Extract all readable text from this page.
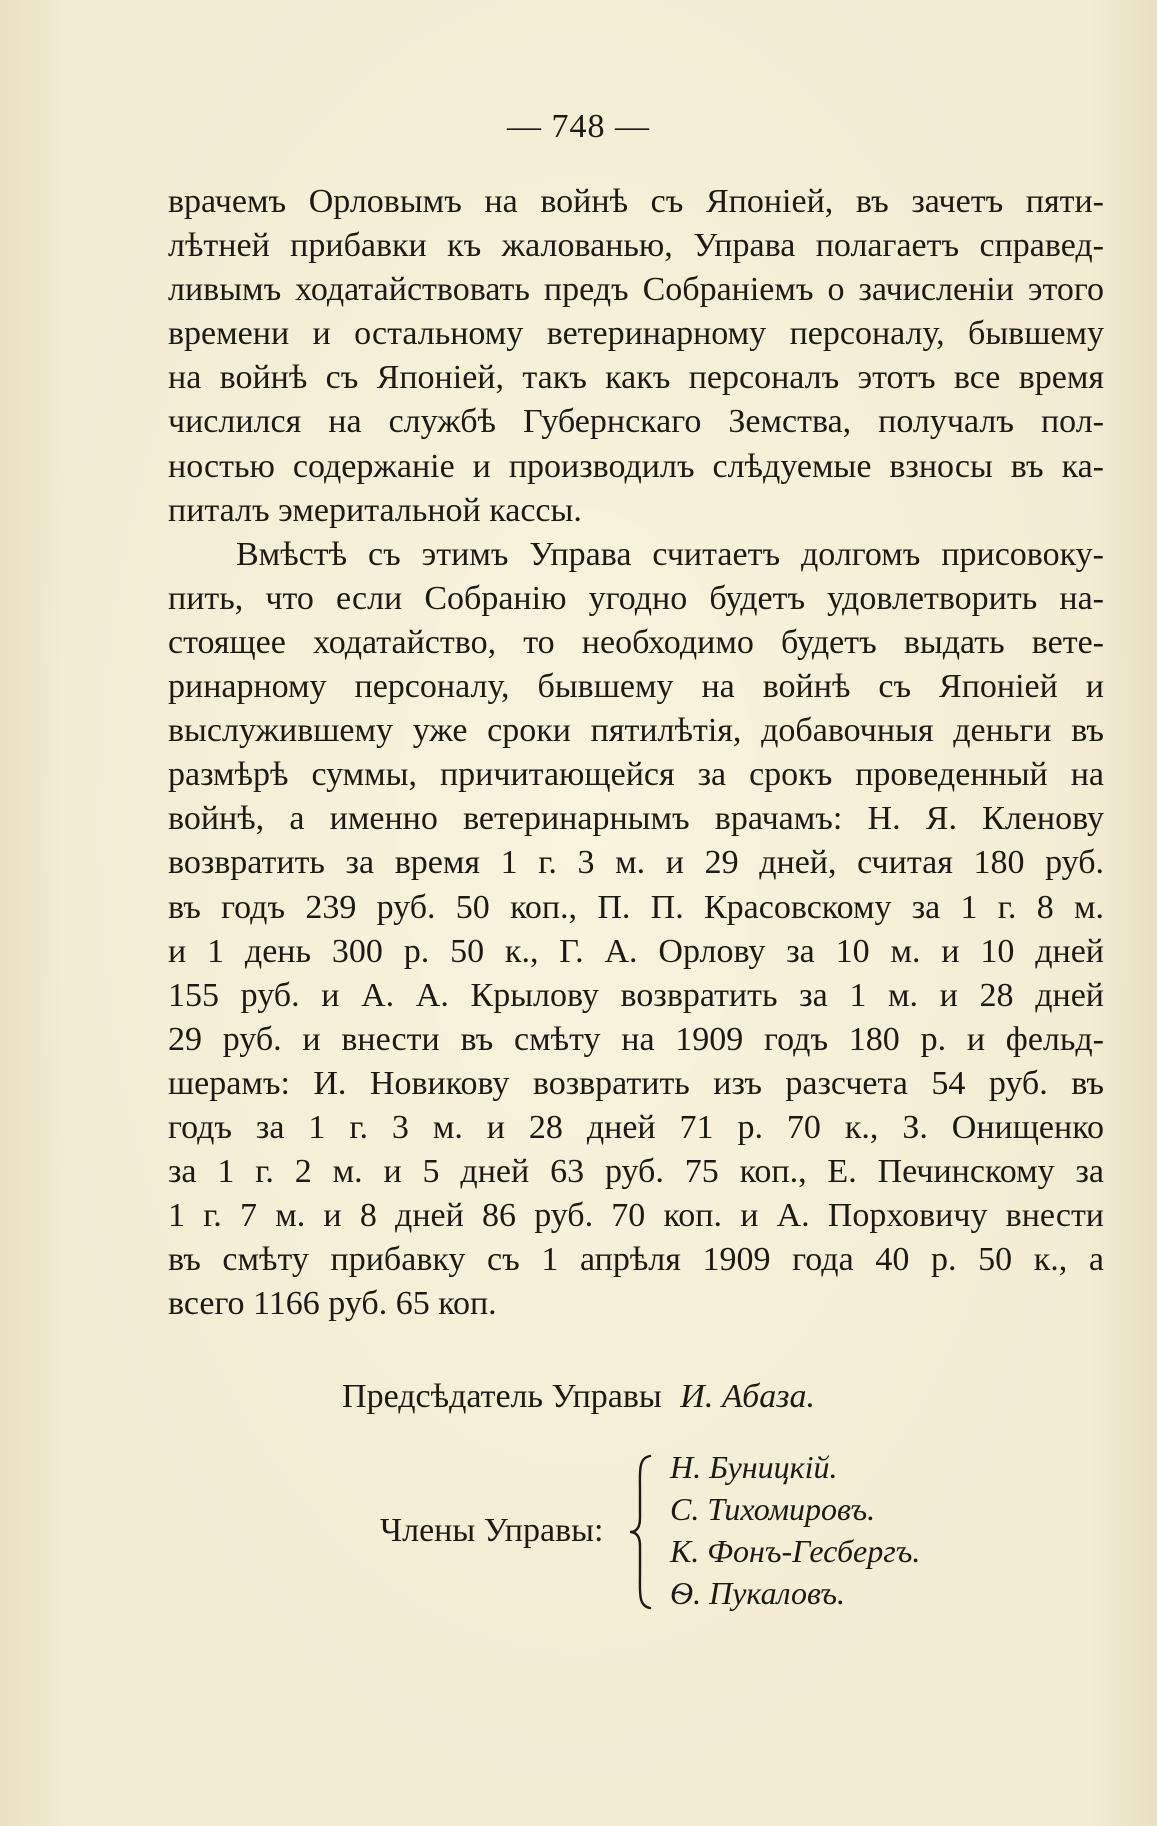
— 748 —

врачемъ Орловымъ на войнѣ съ Японіей, въ зачетъ пяти-
лѣтней прибавки къ жалованью, Управа полагаетъ справед-
ливымъ ходатайствовать предъ Собраніемъ о зачисленіи этого
времени и остальному ветеринарному персоналу, бывшему
на войнѣ съ Японіей, такъ какъ персоналъ этотъ все время
числился на службѣ Губернскаго Земства, получалъ пол-
ностью содержаніе и производилъ слѣдуемые взносы въ ка-
питалъ эмеритальной кассы.

Вмѣстѣ съ этимъ Управа считаетъ долгомъ присовоку-
пить, что если Собранію угодно будетъ удовлетворить на-
стоящее ходатайство, то необходимо будетъ выдать вете-
ринарному персоналу, бывшему на войнѣ съ Японіей и
выслужившему уже сроки пятилѣтія, добавочныя деньги въ
размѣрѣ суммы, причитающейся за срокъ проведенный на
войнѣ, а именно ветеринарнымъ врачамъ: Н. Я. Кленову
возвратить за время 1 г. 3 м. и 29 дней, считая 180 руб.
въ годъ 239 руб. 50 коп., П. П. Красовскому за 1 г. 8 м.
и 1 день 300 р. 50 к., Г. А. Орлову за 10 м. и 10 дней
155 руб. и А. А. Крылову возвратить за 1 м. и 28 дней
29 руб. и внести въ смѣту на 1909 годъ 180 р. и фельд-
шерамъ: И. Новикову возвратить изъ разсчета 54 руб. въ
годъ за 1 г. 3 м. и 28 дней 71 р. 70 к., З. Онищенко
за 1 г. 2 м. и 5 дней 63 руб. 75 коп., Е. Печинскому за
1 г. 7 м. и 8 дней 86 руб. 70 коп. и А. Порховичу внести
въ смѣту прибавку съ 1 апрѣля 1909 года 40 р. 50 к., а
всего 1166 руб. 65 коп.

Предсѣдатель Управы И. Абаза.
Члены Управы:
Н. Буницкій.
С. Тихомировъ.
К. Фонъ-Гесбергъ.
Ѳ. Пукаловъ.
